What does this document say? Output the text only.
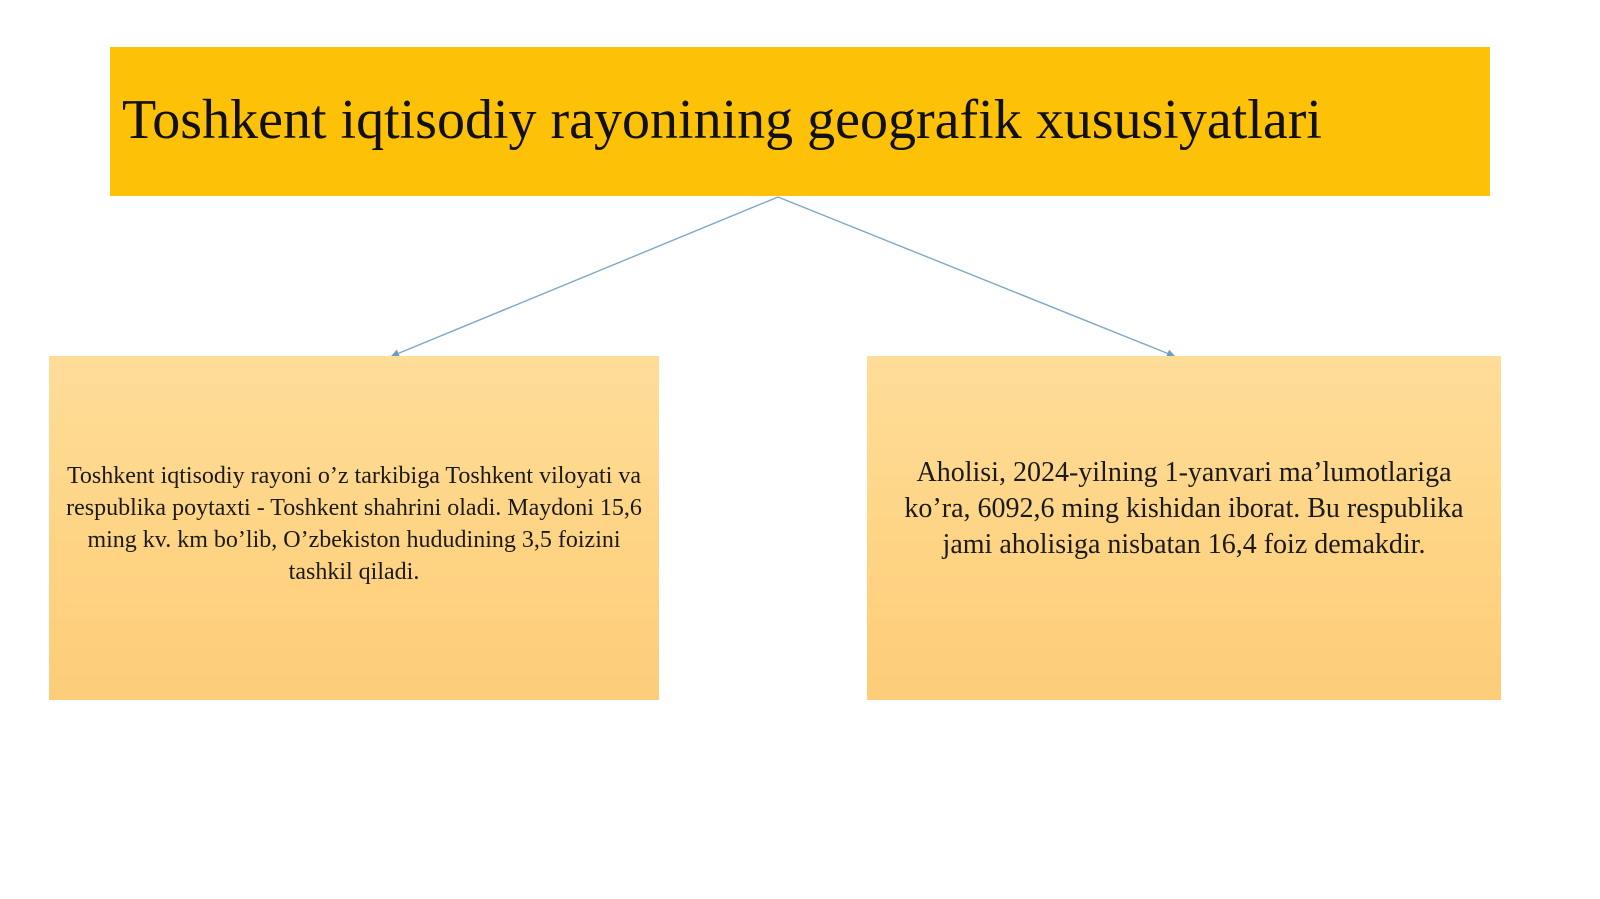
Toshkent iqtisodiy rayonining geografik xususiyatlari
Toshkent iqtisodiy rayoni o’z tarkibiga Toshkent viloyati va respublika poytaxti - Toshkent shahrini oladi. Maydoni 15,6 ming kv. km bo’lib, O’zbekiston hududining 3,5 foizini tashkil qiladi.
Aholisi, 2024-yilning 1-yanvari ma’lumotlariga ko’ra, 6092,6 ming kishidan iborat. Bu respublika jami aholisiga nisbatan 16,4 foiz demakdir.
